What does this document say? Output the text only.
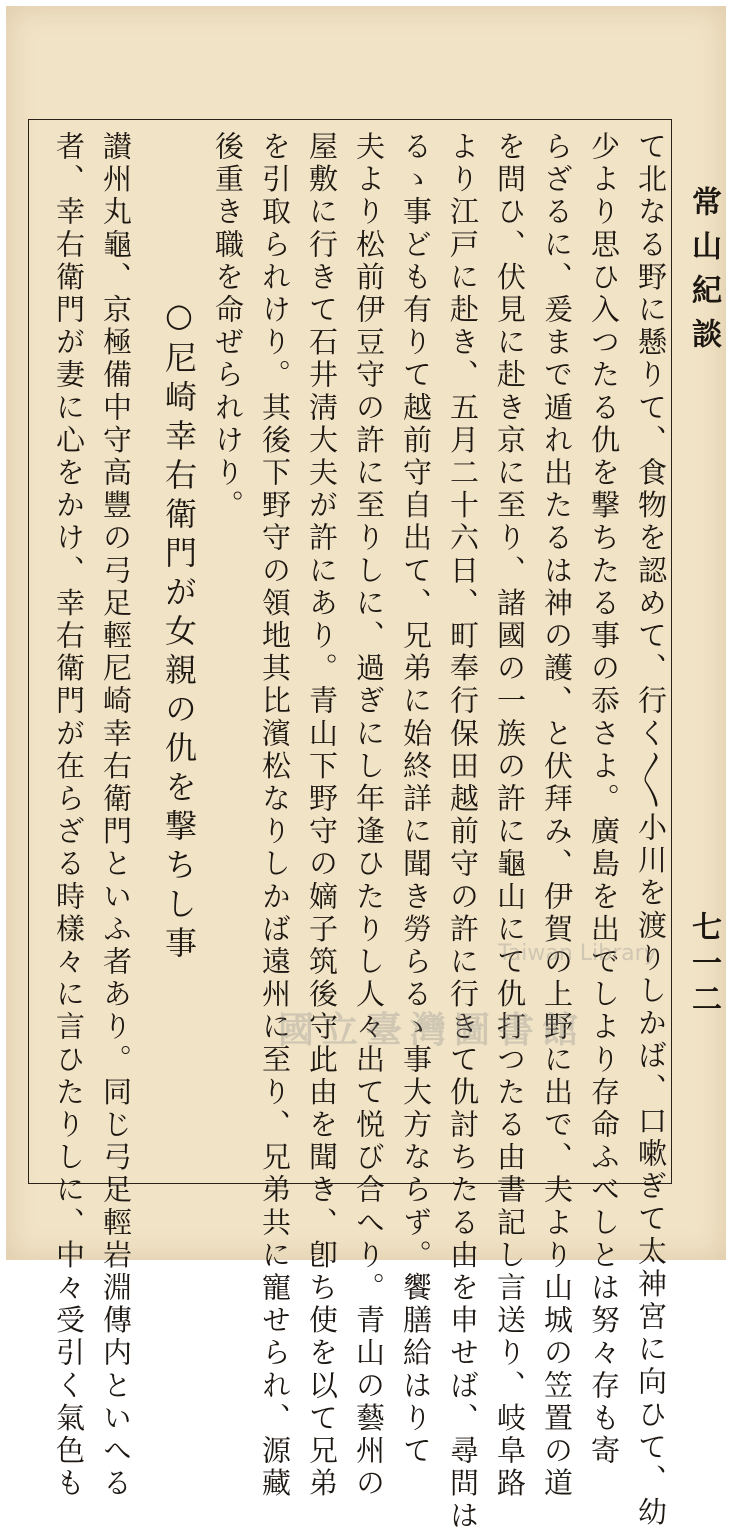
常山紀談
七一二
て北なる野に懸りて、食物を認めて、行く〳〵小川を渡りしかば、口嗽ぎて太神宮に向ひて、幼
少より思ひ入つたる仇を撃ちたる事の忝さよ。廣島を出でしより存命ふべしとは努々存も寄
らざるに、爰まで遁れ出たるは神の護、と伏拜み、伊賀の上野に出で、夫より山城の笠置の道
を問ひ、伏見に赴き京に至り、諸國の一族の許に龜山にて仇打つたる由書記し言送り、岐阜路
より江戸に赴き、五月二十六日、町奉行保田越前守の許に行きて仇討ちたる由を申せば、尋問は
るゝ事ども有りて越前守自出て、兄弟に始終詳に聞き勞らるゝ事大方ならず。饗膳給はりて
夫より松前伊豆守の許に至りしに、過ぎにし年逢ひたりし人々出て悦び合へり。青山の藝州の
屋敷に行きて石井淸大夫が許にあり。青山下野守の嫡子筑後守此由を聞き、卽ち使を以て兄弟
を引取られけり。其後下野守の領地其比濱松なりしかば遠州に至り、兄弟共に寵せられ、源藏
後重き職を命ぜられけり。
○尼崎幸右衛門が女親の仇を撃ちし事
讃州丸龜、京極備中守高豐の弓足輕尼崎幸右衛門といふ者あり。同じ弓足輕岩淵傳内といへる
者、幸右衛門が妻に心をかけ、幸右衛門が在らざる時樣々に言ひたりしに、中々受引く氣色も	Taiwan Library
國立臺灣圖書館
